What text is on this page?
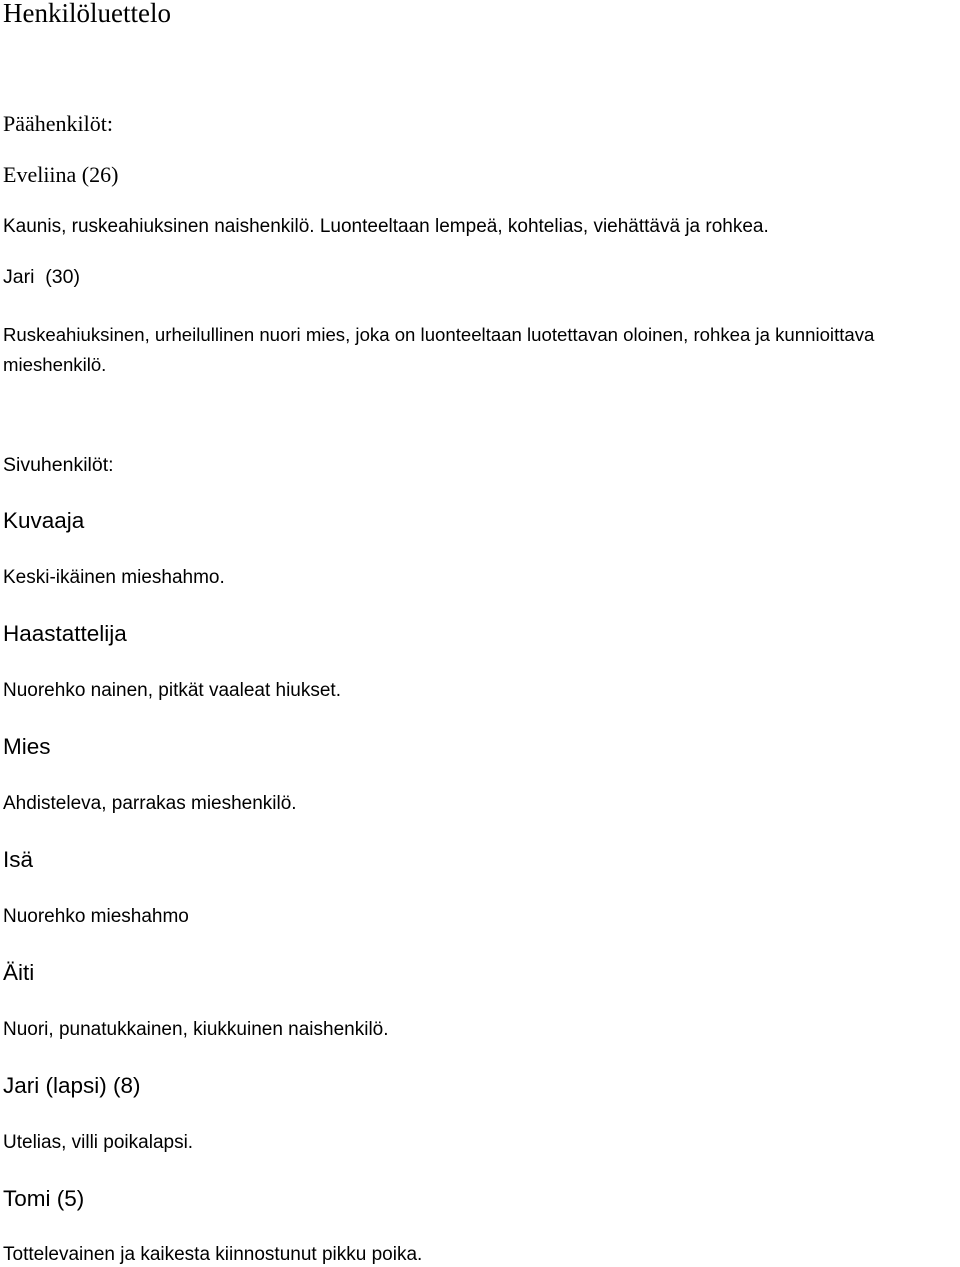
Henkilöluettelo

Päähenkilöt:

Eveliina (26)

Kaunis, ruskeahiuksinen naishenkilö. Luonteeltaan lempeä, kohtelias, viehättävä ja rohkea.

Jari  (30)

Ruskeahiuksinen, urheilullinen nuori mies, joka on luonteeltaan luotettavan oloinen, rohkea ja kunnioittava mieshenkilö.

Sivuhenkilöt:

Kuvaaja

Keski-ikäinen mieshahmo.

Haastattelija

Nuorehko nainen, pitkät vaaleat hiukset.

Mies

Ahdisteleva, parrakas mieshenkilö.

Isä

Nuorehko mieshahmo

Äiti

Nuori, punatukkainen, kiukkuinen naishenkilö.

Jari (lapsi) (8)

Utelias, villi poikalapsi.

Tomi (5)

Tottelevainen ja kaikesta kiinnostunut pikku poika.
